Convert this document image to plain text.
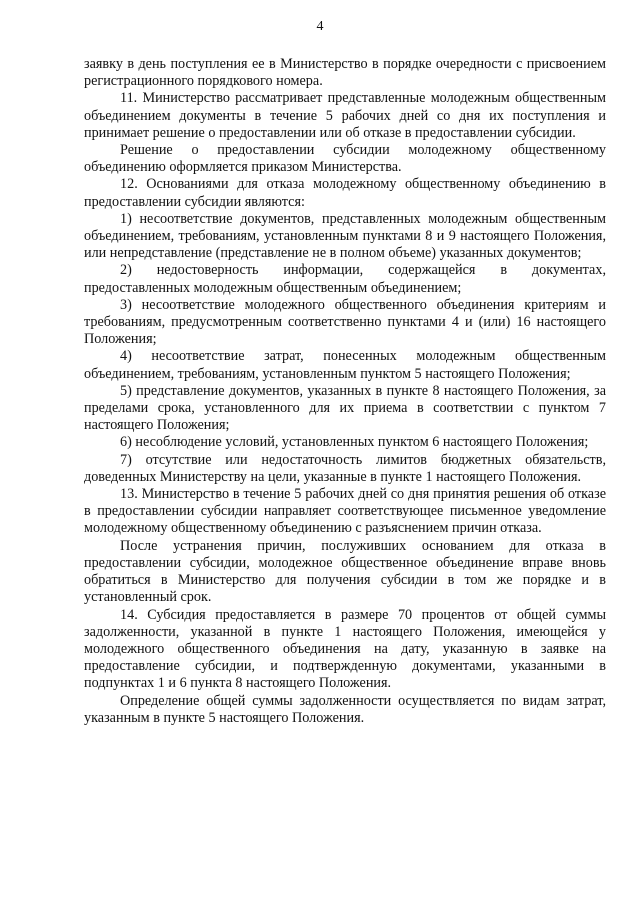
4

заявку в день поступления ее в Министерство в порядке очередности с присвоением регистрационного порядкового номера.

11. Министерство рассматривает представленные молодежным общественным объединением документы в течение 5 рабочих дней со дня их поступления и принимает решение о предоставлении или об отказе в предоставлении субсидии.

Решение о предоставлении субсидии молодежному общественному объединению оформляется приказом Министерства.

12. Основаниями для отказа молодежному общественному объединению в предоставлении субсидии являются:

1) несоответствие документов, представленных молодежным общественным объединением, требованиям, установленным пунктами 8 и 9 настоящего Положения, или непредставление (представление не в полном объеме) указанных документов;

2) недостоверность информации, содержащейся в документах, предоставленных молодежным общественным объединением;

3) несоответствие молодежного общественного объединения критериям и требованиям, предусмотренным соответственно пунктами 4 и (или) 16 настоящего Положения;

4) несоответствие затрат, понесенных молодежным общественным объединением, требованиям, установленным пунктом 5 настоящего Положения;

5) представление документов, указанных в пункте 8 настоящего Положения, за пределами срока, установленного для их приема в соответствии с пунктом 7 настоящего Положения;

6) несоблюдение условий, установленных пунктом 6 настоящего Положения;

7) отсутствие или недостаточность лимитов бюджетных обязательств, доведенных Министерству на цели, указанные в пункте 1 настоящего Положения.

13. Министерство в течение 5 рабочих дней со дня принятия решения об отказе в предоставлении субсидии направляет соответствующее письменное уведомление молодежному общественному объединению с разъяснением причин отказа.

После устранения причин, послуживших основанием для отказа в предоставлении субсидии, молодежное общественное объединение вправе вновь обратиться в Министерство для получения субсидии в том же порядке и в установленный срок.

14. Субсидия предоставляется в размере 70 процентов от общей суммы задолженности, указанной в пункте 1 настоящего Положения, имеющейся у молодежного общественного объединения на дату, указанную в заявке на предоставление субсидии, и подтвержденную документами, указанными в подпунктах 1 и 6 пункта 8 настоящего Положения.

Определение общей суммы задолженности осуществляется по видам затрат, указанным в пункте 5 настоящего Положения.
